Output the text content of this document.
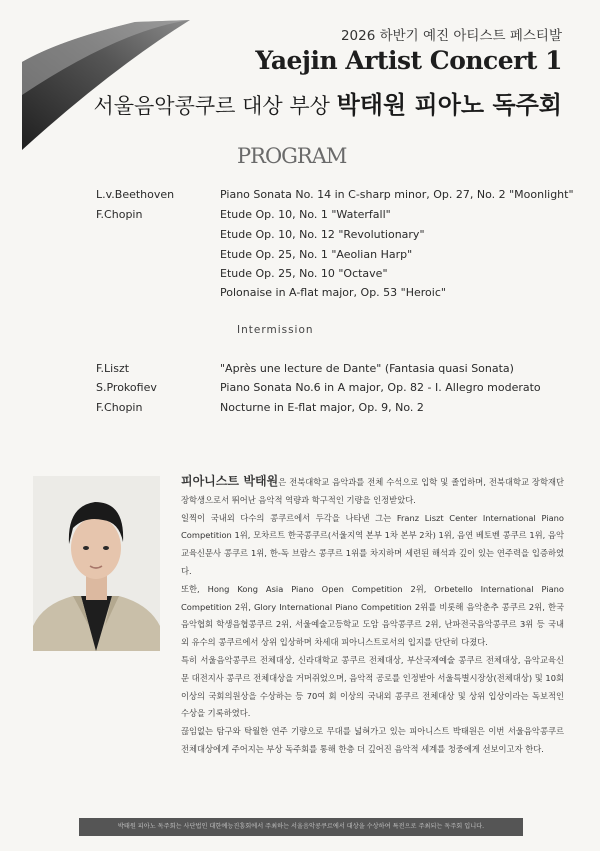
2026 하반기 예진 아티스트 페스티발
Yaejin Artist Concert 1
서울음악콩쿠르 대상 부상 박태원 피아노 독주회
PROGRAM
L.v.Beethoven	Piano Sonata No. 14 in C-sharp minor, Op. 27, No. 2 "Moonlight"
F.Chopin	Etude Op. 10, No. 1 "Waterfall"
Etude Op. 10, No. 12 "Revolutionary"
Etude Op. 25, No. 1 "Aeolian Harp"
Etude Op. 25, No. 10 "Octave"
Polonaise in A-flat major, Op. 53 "Heroic"
Intermission
F.Liszt	"Après une lecture de Dante" (Fantasia quasi Sonata)
S.Prokofiev	Piano Sonata No.6 in A major, Op. 82 - I. Allegro moderato
F.Chopin	Nocturne in E-flat major, Op. 9, No. 2

피아니스트 박태원은 전북대학교 음악과를 전체 수석으로 입학 및 졸업하며, 전북대학교 장학재단 장학생으로서 뛰어난 음악적 역량과 학구적인 기량을 인정받았다.

일찍이 국내외 다수의 콩쿠르에서 두각을 나타낸 그는 Franz Liszt Center International Piano Competition 1위, 모차르트 한국콩쿠르(서울지역 본부 1차 본부 2차) 1위, 음연 베토벤 콩쿠르 1위, 음악교육신문사 콩쿠르 1위, 한-독 브람스 콩쿠르 1위를 차지하며 세련된 해석과 깊이 있는 연주력을 입증하였다.

또한, Hong Kong Asia Piano Open Competition 2위, Orbetello International Piano Competition 2위, Glory International Piano Competition 2위를 비롯해 음악춘추 콩쿠르 2위, 한국음악협회 학생음협콩쿠르 2위, 서울예술고등학교 도암 음악콩쿠르 2위, 난파전국음악콩쿠르 3위 등 국내외 유수의 콩쿠르에서 상위 입상하며 차세대 피아니스트로서의 입지를 단단히 다졌다.

특히 서울음악콩쿠르 전체대상, 신라대학교 콩쿠르 전체대상, 부산국제예술 콩쿠르 전체대상, 음악교육신문 대전지사 콩쿠르 전체대상을 거머쥐었으며, 음악적 공로를 인정받아 서울특별시장상(전체대상) 및 10회 이상의 국회의원상을 수상하는 등 70여 회 이상의 국내외 콩쿠르 전체대상 및 상위 입상이라는 독보적인 수상을 기록하였다.

끊임없는 탐구와 탁월한 연주 기량으로 무대를 넓혀가고 있는 피아니스트 박태원은 이번 서울음악콩쿠르 전체대상에게 주어지는 부상 독주회를 통해 한층 더 깊어진 음악적 세계를 청중에게 선보이고자 한다.

박태원 피아노 독주회는 사단법인 대한예능진흥회에서 주최하는 서울음악콩쿠르에서 대상을 수상하여 특전으로 주최되는 독주회 입니다.
